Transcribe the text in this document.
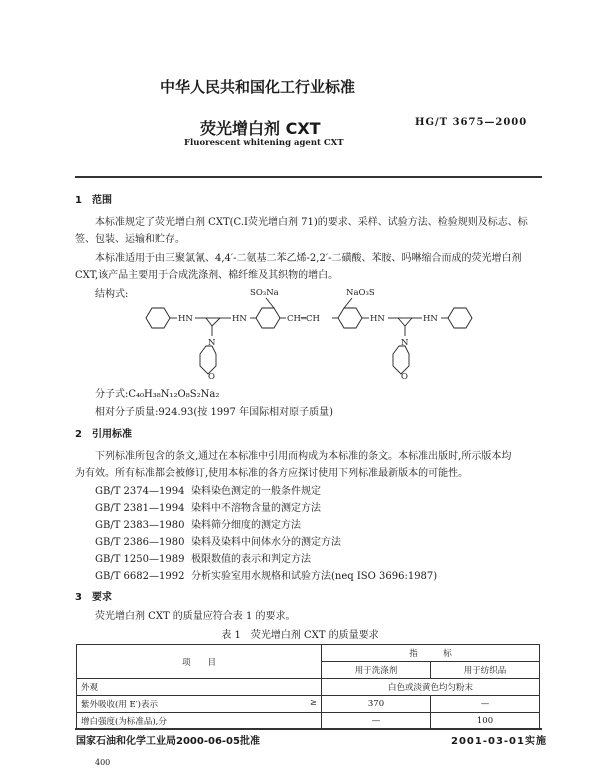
中华人民共和国化工行业标准
荧光增白剂 CXT	HG/T 3675—2000
Fluorescent whitening agent CXT
1　范围
本标准规定了荧光增白剂 CXT(C.I荧光增白剂 71)的要求、采样、试验方法、检验规则及标志、标
签、包装、运输和贮存。
本标准适用于由三聚氯氰、4,4′-二氨基二苯乙烯-2,2′-二磺酸、苯胺、吗啉缩合而成的荧光增白剂
CXT,该产品主要用于合成洗涤剂、棉纤维及其织物的增白。
结构式:
HN	HN
SO₃Na
CH═CH
NaO₃S
HN	HN
N
O
N
O
分子式:C₄₀H₃₈N₁₂O₈S₂Na₂
相对分子质量:924.93(按 1997 年国际相对原子质量)
2　引用标准
下列标准所包含的条文,通过在本标准中引用而构成为本标准的条文。本标准出版时,所示版本均
为有效。所有标准都会被修订,使用本标准的各方应探讨使用下列标准最新版本的可能性。
GB/T 2374—1994 染料染色测定的一般条件规定
GB/T 2381—1994 染料中不溶物含量的测定方法
GB/T 2383—1980 染料筛分细度的测定方法
GB/T 2386—1980 染料及染料中间体水分的测定方法
GB/T 1250—1989 极限数值的表示和判定方法
GB/T 6682—1992 分析实验室用水规格和试验方法(neq ISO 3696:1987)
3　要求
荧光增白剂 CXT 的质量应符合表 1 的要求。
表 1　荧光增白剂 CXT 的质量要求
项　　目	指　　　标	
	用于洗涤剂	用于纺织品
外观	白色或淡黄色均匀粉末	
紫外吸收(用 E′)表示 ≥	370	—
增白强度(为标准品),分	—	100
国家石油和化学工业局2000-06-05批准	2001-03-01实施
400
